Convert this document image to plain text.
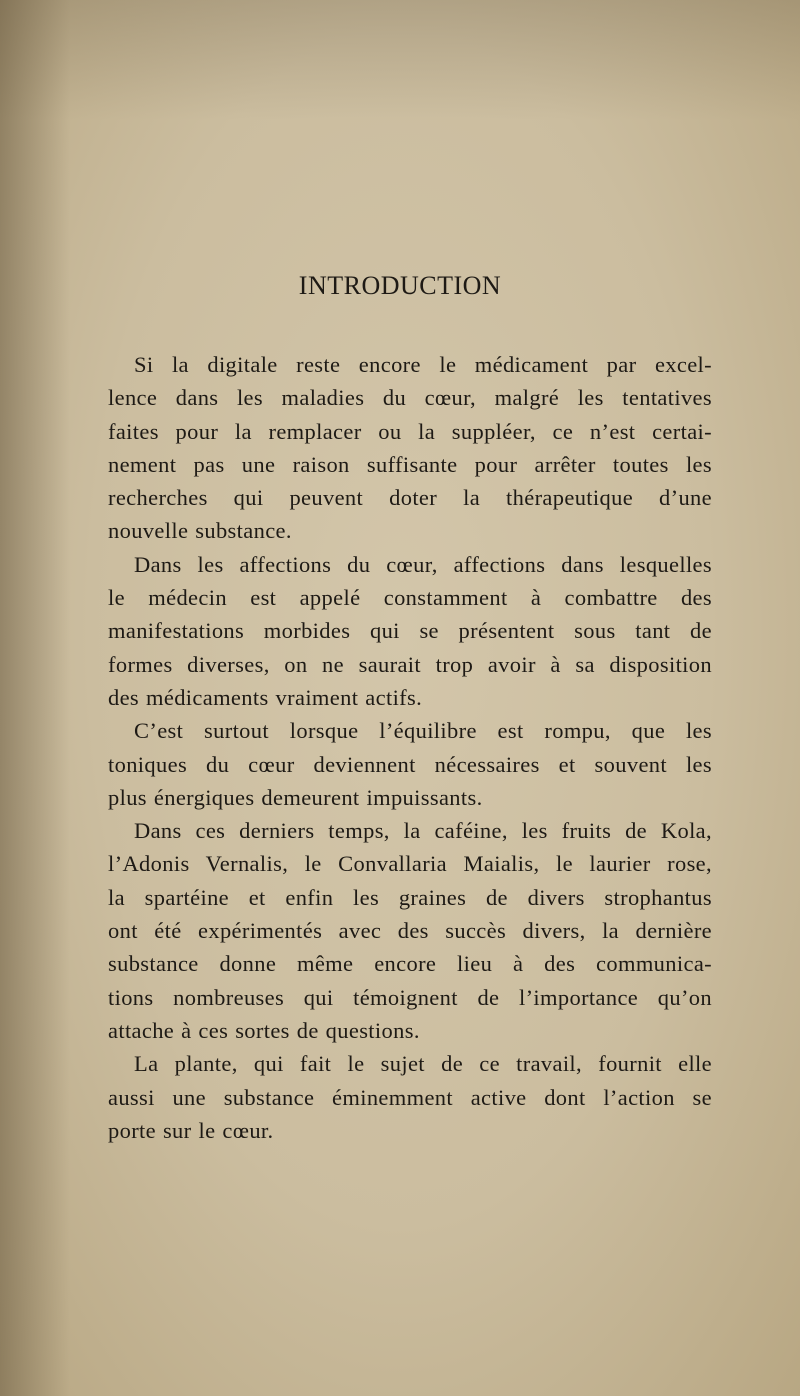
INTRODUCTION
Si la digitale reste encore le médicament par excel-
lence dans les maladies du cœur, malgré les tentatives
faites pour la remplacer ou la suppléer, ce n’est certai-
nement pas une raison suffisante pour arrêter toutes les
recherches qui peuvent doter la thérapeutique d’une
nouvelle substance.
Dans les affections du cœur, affections dans lesquelles
le médecin est appelé constamment à combattre des
manifestations morbides qui se présentent sous tant de
formes diverses, on ne saurait trop avoir à sa disposition
des médicaments vraiment actifs.
C’est surtout lorsque l’équilibre est rompu, que les
toniques du cœur deviennent nécessaires et souvent les
plus énergiques demeurent impuissants.
Dans ces derniers temps, la caféine, les fruits de Kola,
l’Adonis Vernalis, le Convallaria Maialis, le laurier rose,
la spartéine et enfin les graines de divers strophantus
ont été expérimentés avec des succès divers, la dernière
substance donne même encore lieu à des communica-
tions nombreuses qui témoignent de l’importance qu’on
attache à ces sortes de questions.
La plante, qui fait le sujet de ce travail, fournit elle
aussi une substance éminemment active dont l’action se
porte sur le cœur.
